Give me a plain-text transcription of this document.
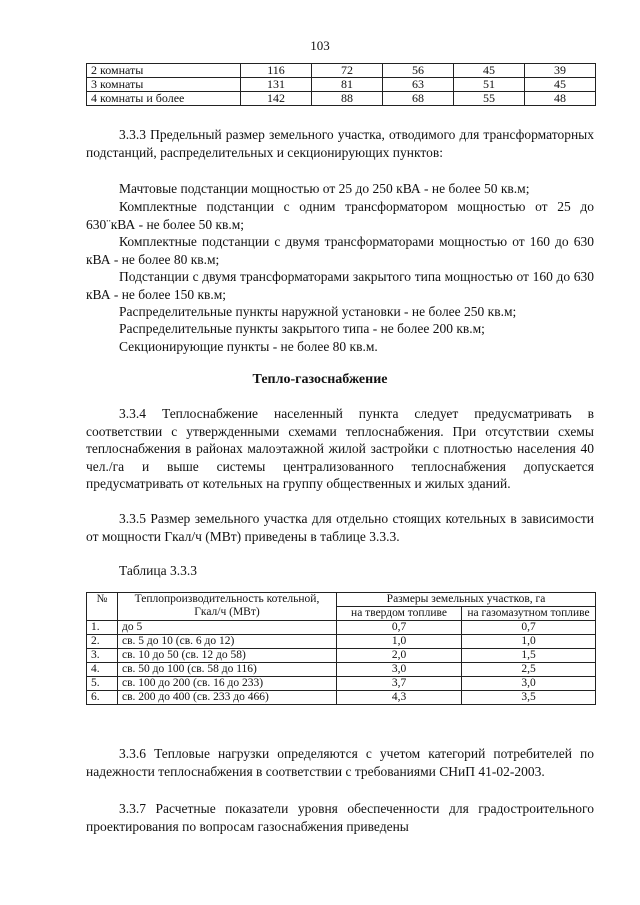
103
2 комнаты	116	72	56	45	39
3 комнаты	131	81	63	51	45
4 комнаты и более	142	88	68	55	48
3.3.3 Предельный размер земельного участка, отводимого для трансформаторных подстанций, распределительных и секционирующих пунктов:
Мачтовые подстанции мощностью от 25 до 250 кВА - не более 50 кв.м;
Комплектные подстанции с одним трансформатором мощностью от 25 до 630¨кВА - не более 50 кв.м;
Комплектные подстанции с двумя трансформаторами мощностью от 160 до 630 кВА - не более 80 кв.м;
Подстанции с двумя трансформаторами закрытого типа мощностью от 160 до 630 кВА - не более 150 кв.м;
Распределительные пункты наружной установки - не более 250 кв.м;
Распределительные пункты закрытого типа - не более 200 кв.м;
Секционирующие пункты - не более 80 кв.м.
Тепло-газоснабжение
3.3.4 Теплоснабжение населенный пункта следует предусматривать в соответствии с утвержденными схемами теплоснабжения. При отсутствии схемы теплоснабжения в районах малоэтажной жилой застройки с плотностью населения 40 чел./га и выше системы централизованного теплоснабжения допускается предусматривать от котельных на группу общественных и жилых зданий.
3.3.5 Размер земельного участка для отдельно стоящих котельных в зависимости от мощности Гкал/ч (МВт) приведены в таблице 3.3.3.
Таблица 3.3.3
№	Теплопроизводительность котельной, Гкал/ч (МВт)	Размеры земельных участков, га	
		на твердом топливе	на газомазутном топливе
1.	до 5	0,7	0,7
2.	св. 5 до 10 (св. 6 до 12)	1,0	1,0
3.	св. 10 до 50 (св. 12 до 58)	2,0	1,5
4.	св. 50 до 100 (св. 58 до 116)	3,0	2,5
5.	св. 100 до 200 (св. 16 до 233)	3,7	3,0
6.	св. 200 до 400 (св. 233 до 466)	4,3	3,5
3.3.6 Тепловые нагрузки определяются с учетом категорий потребителей по надежности теплоснабжения в соответствии с требованиями СНиП 41-02-2003.
3.3.7 Расчетные показатели уровня обеспеченности для градостроительного проектирования по вопросам газоснабжения приведены
